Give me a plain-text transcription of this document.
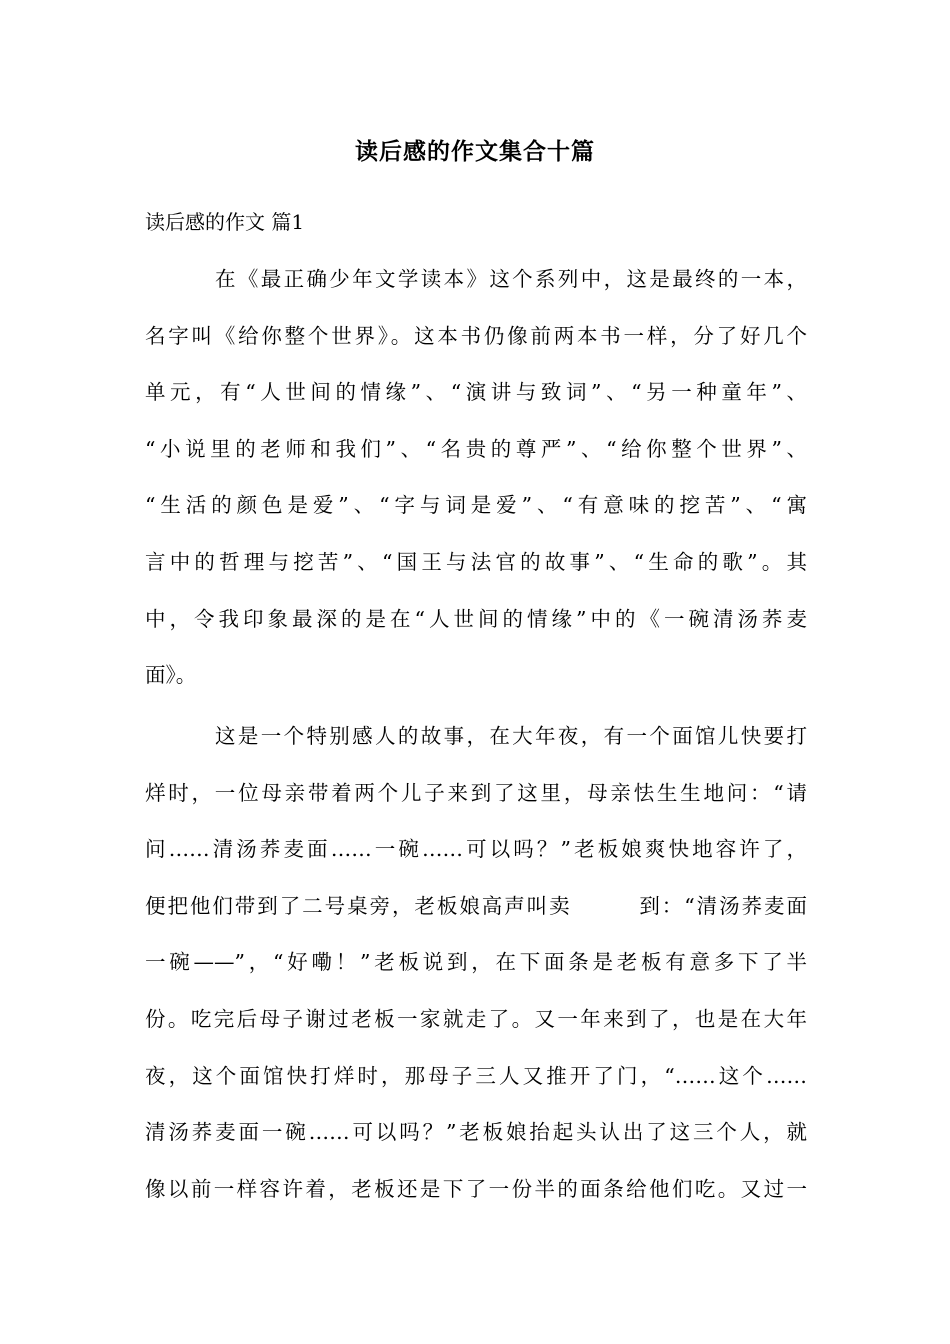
读后感的作文集合十篇
读后感的作文 篇1
在《最正确少年文学读本》这个系列中，这是最终的一本，
名字叫《给你整个世界》。这本书仍像前两本书一样，分了好几个
单元，有“人世间的情缘”、“演讲与致词”、“另一种童年”、
“小说里的老师和我们”、“名贵的尊严”、“给你整个世界”、
“生活的颜色是爱”、“字与词是爱”、“有意味的挖苦”、“寓
言中的哲理与挖苦”、“国王与法官的故事”、“生命的歌”。其
中，令我印象最深的是在“人世间的情缘”中的《一碗清汤荞麦
面》。
这是一个特别感人的故事，在大年夜，有一个面馆儿快要打
烊时，一位母亲带着两个儿子来到了这里，母亲怯生生地问：“请
问……清汤荞麦面……一碗……可以吗？”老板娘爽快地容许了，
便把他们带到了二号桌旁，老板娘高声叫卖        到：“清汤荞麦面
一碗——”，“好嘞！”老板说到，在下面条是老板有意多下了半
份。吃完后母子谢过老板一家就走了。又一年来到了，也是在大年
夜，这个面馆快打烊时，那母子三人又推开了门，“……这个……
清汤荞麦面一碗……可以吗？”老板娘抬起头认出了这三个人，就
像以前一样容许着，老板还是下了一份半的面条给他们吃。又过一
